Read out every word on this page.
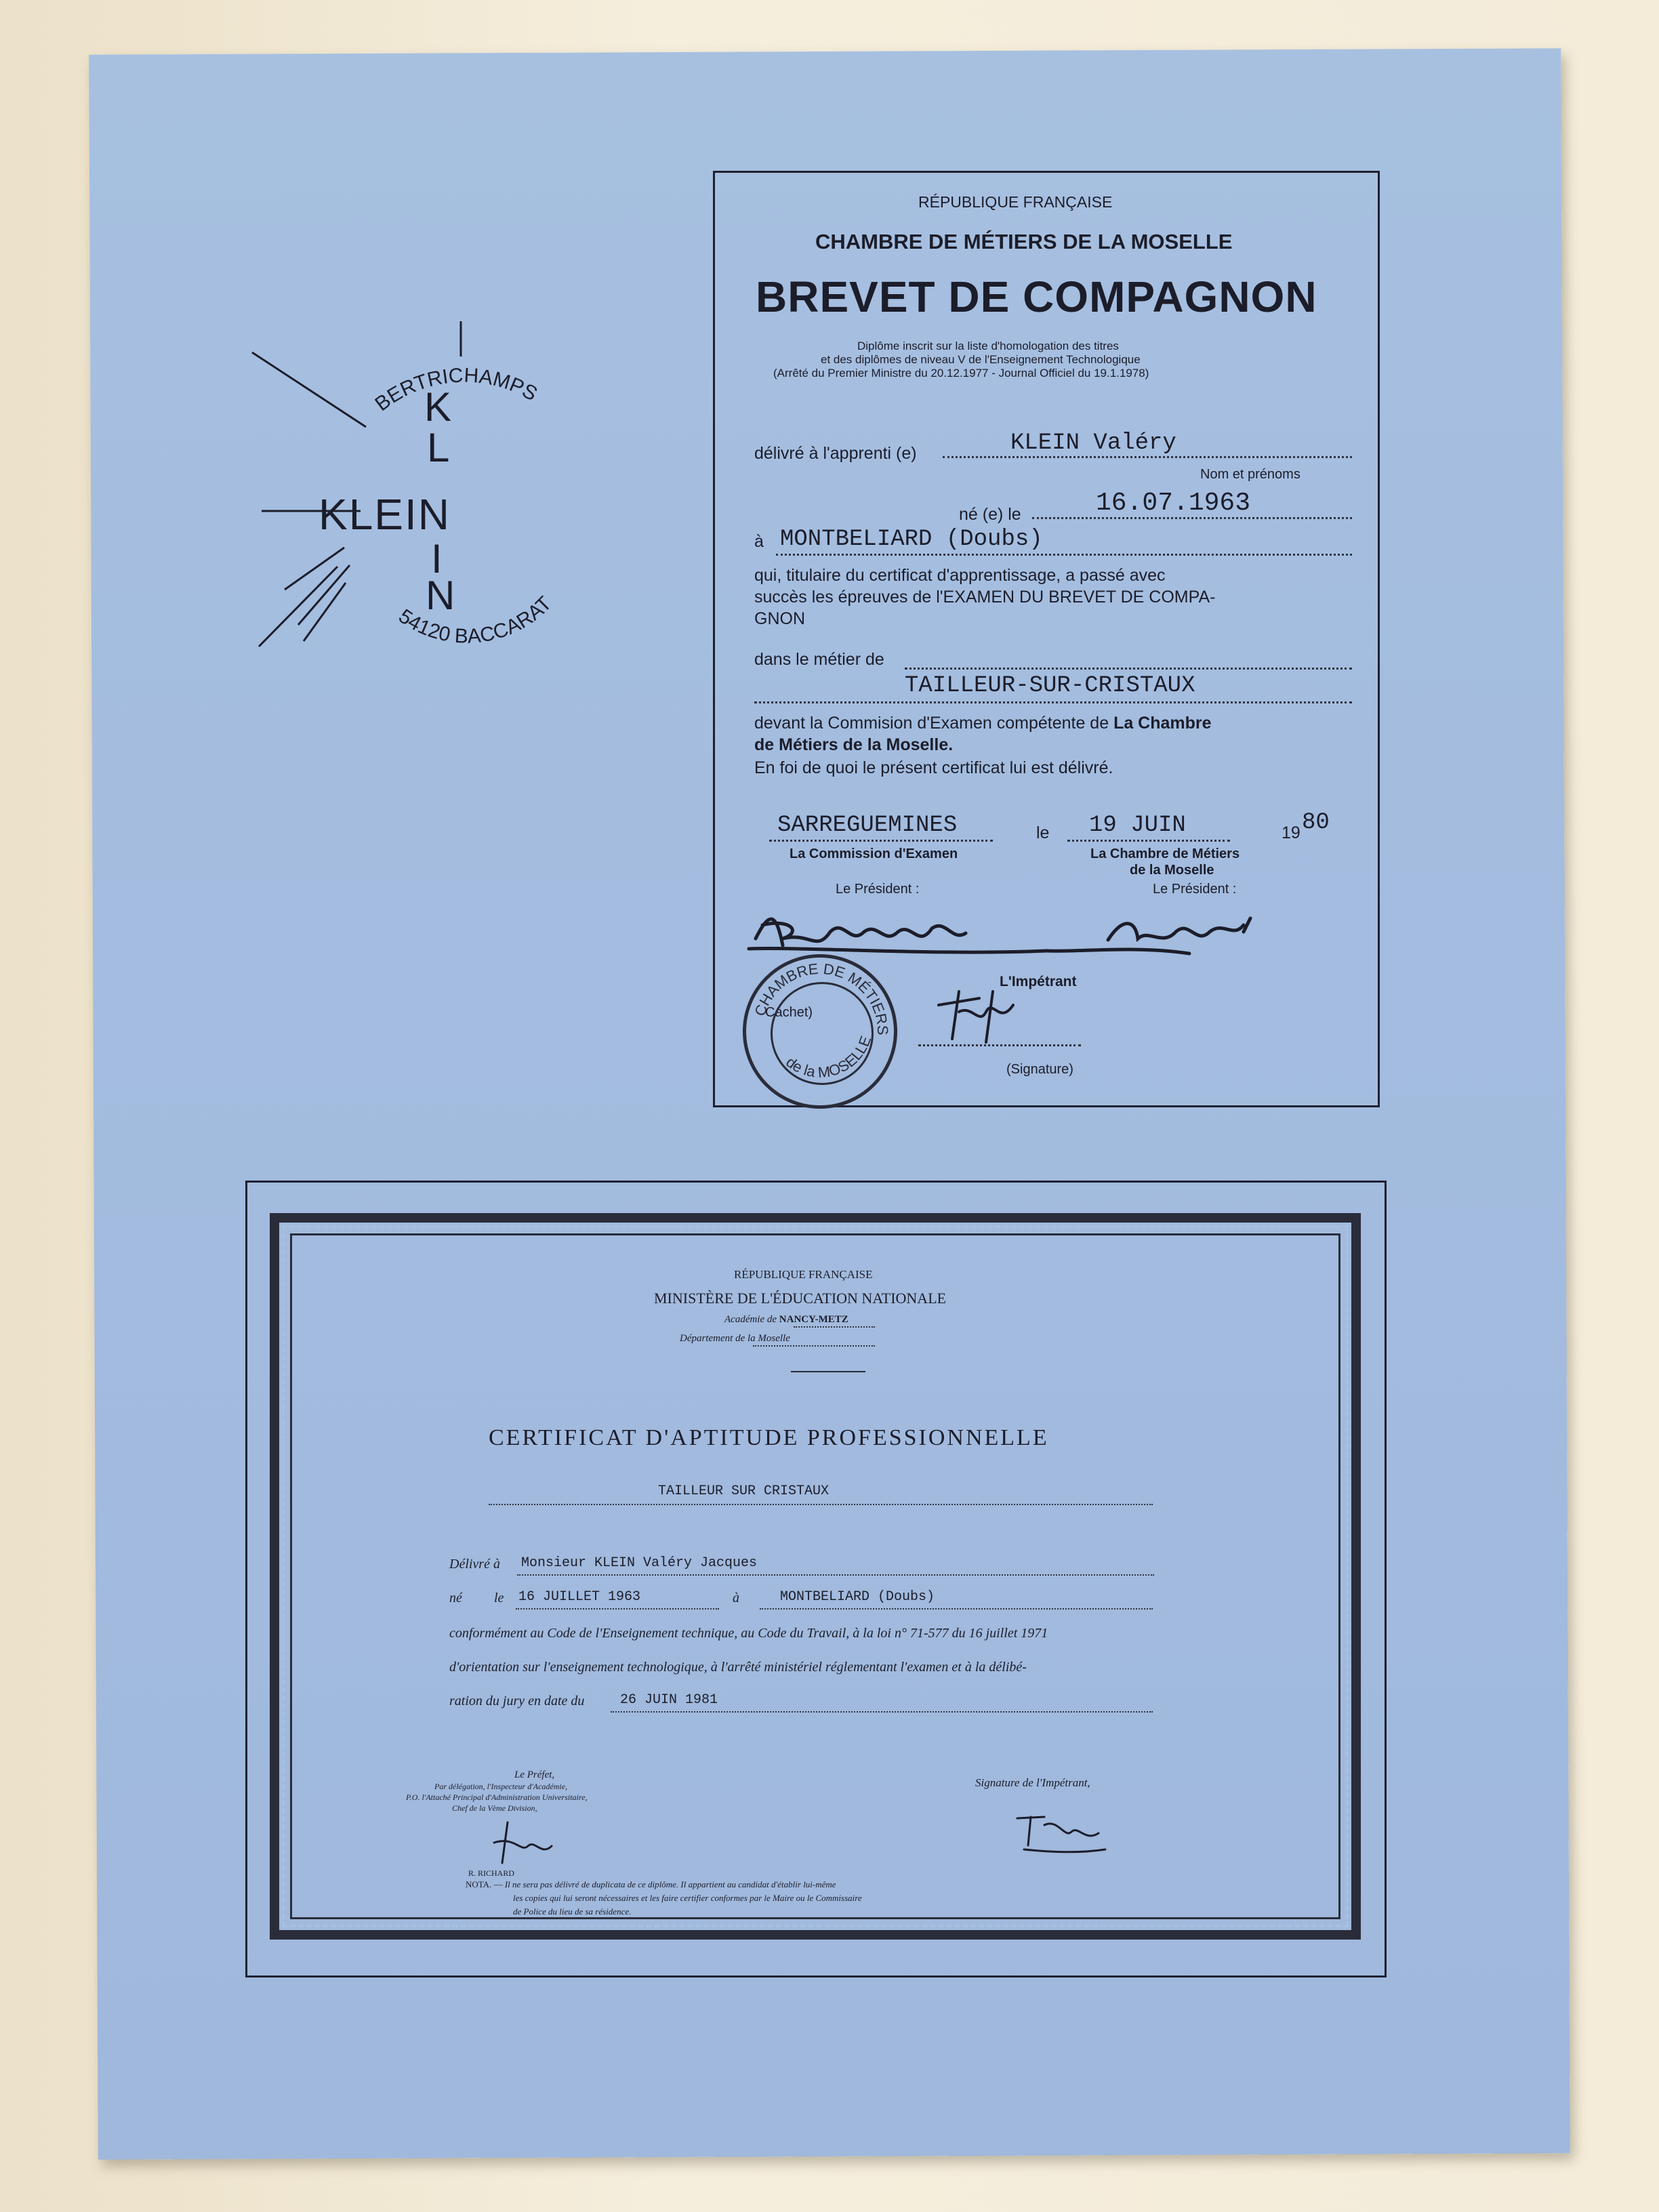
BERTRICHAMPS
54120 BACCARAT
K
L
KLEIN
I
N
RÉPUBLIQUE FRANÇAISE
CHAMBRE DE MÉTIERS DE LA MOSELLE
BREVET DE COMPAGNON
Diplôme inscrit sur la liste d'homologation des titres
et des diplômes de niveau V de l'Enseignement Technologique
(Arrêté du Premier Ministre du 20.12.1977 - Journal Officiel du 19.1.1978)
délivré à l'apprenti (e)	KLEIN Valéry
Nom et prénoms
né (e) le	16.07.1963
à MONTBELIARD (Doubs)
qui, titulaire du certificat d'apprentissage, a passé avec
succès les épreuves de l'EXAMEN DU BREVET DE COMPA-
GNON
dans le métier de
TAILLEUR-SUR-CRISTAUX
devant la Commision d'Examen compétente de La Chambre
de Métiers de la Moselle.
En foi de quoi le présent certificat lui est délivré.
SARREGUEMINES	le 19 JUIN	19 80
La Commission d'Examen	La Chambre de Métiers
de la Moselle
Le Président :	Le Président :
L'Impétrant
Cachet)
(Signature)
CHAMBRE DE MÉTIERS
de la MOSELLE
RÉPUBLIQUE FRANÇAISE
MINISTÈRE DE L'ÉDUCATION NATIONALE
Académie de NANCY-METZ
Département de la Moselle
CERTIFICAT D'APTITUDE PROFESSIONNELLE
TAILLEUR SUR CRISTAUX
Délivré à Monsieur KLEIN Valéry Jacques
né le 16 JUILLET 1963	à	MONTBELIARD (Doubs)
conformément au Code de l'Enseignement technique, au Code du Travail, à la loi n° 71-577 du 16 juillet 1971
d'orientation sur l'enseignement technologique, à l'arrêté ministériel réglementant l'examen et à la délibé-
ration du jury en date du	26 JUIN 1981
Le Préfet,
Par délégation, l'Inspecteur d'Académie,
P.O. l'Attaché Principal d'Administration Universitaire,
Chef de la Vème Division,
R. RICHARD
Signature de l'Impétrant,
NOTA. — Il ne sera pas délivré de duplicata de ce diplôme. Il appartient au candidat d'établir lui-même
les copies qui lui seront nécessaires et les faire certifier conformes par le Maire ou le Commissaire
de Police du lieu de sa résidence.
